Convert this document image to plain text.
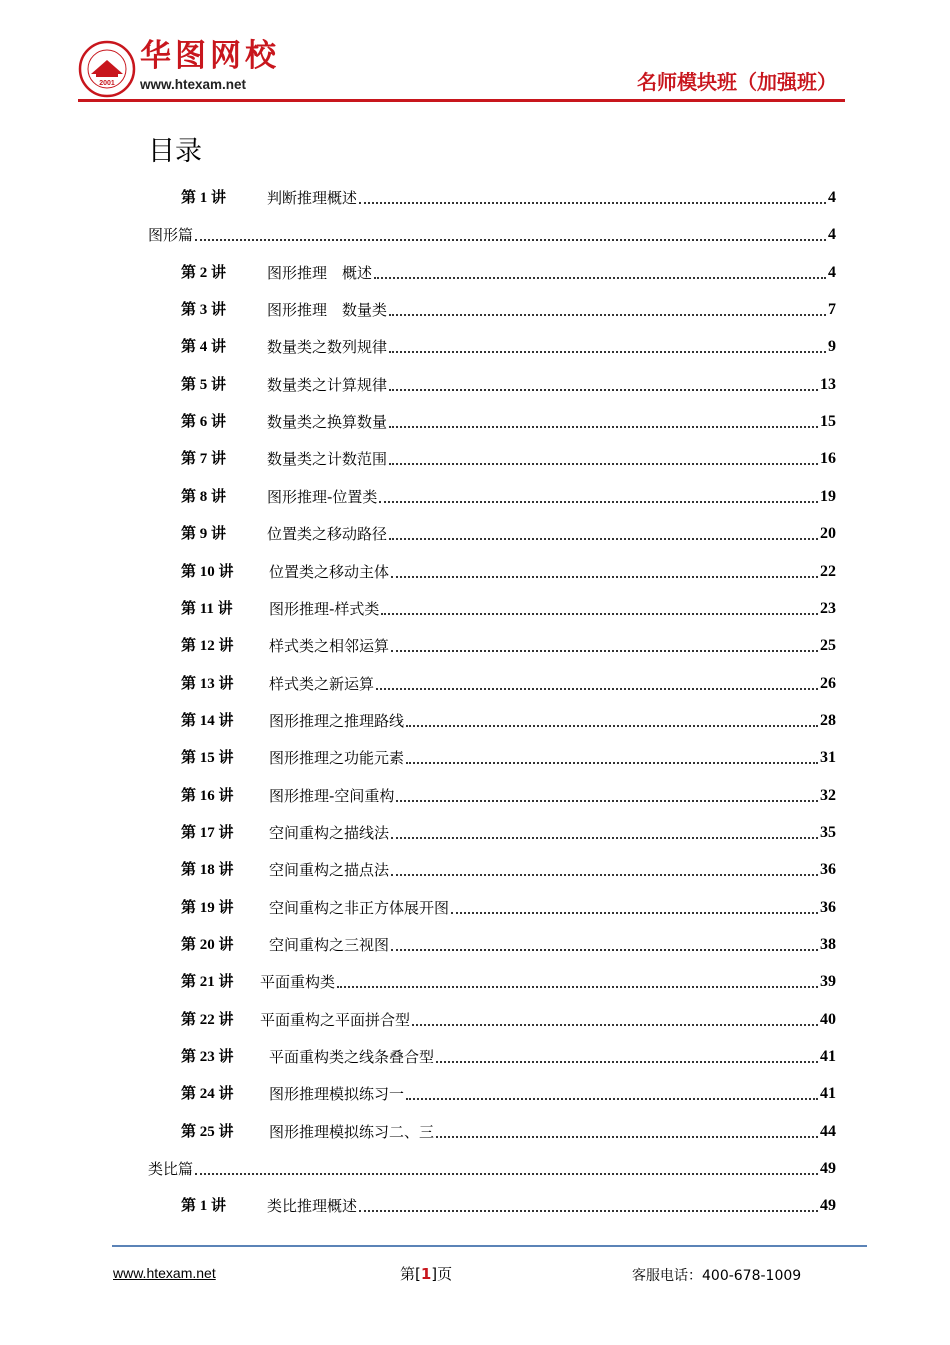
2001
华图网校
www.htexam.net	名师模块班（加强班）
目录
第 1 讲	判断推理概述	4
图形篇	4
第 2 讲	图形推理　概述	4
第 3 讲	图形推理　数量类	7
第 4 讲	数量类之数列规律	9
第 5 讲	数量类之计算规律	13
第 6 讲	数量类之换算数量	15
第 7 讲	数量类之计数范围	16
第 8 讲	图形推理-位置类	19
第 9 讲	位置类之移动路径	20
第 10 讲	位置类之移动主体	22
第 11 讲	图形推理-样式类	23
第 12 讲	样式类之相邻运算	25
第 13 讲	样式类之新运算	26
第 14 讲	图形推理之推理路线	28
第 15 讲	图形推理之功能元素	31
第 16 讲	图形推理-空间重构	32
第 17 讲	空间重构之描线法	35
第 18 讲	空间重构之描点法	36
第 19 讲	空间重构之非正方体展开图	36
第 20 讲	空间重构之三视图	38
第 21 讲	平面重构类	39
第 22 讲	平面重构之平面拼合型	40
第 23 讲	平面重构类之线条叠合型	41
第 24 讲	图形推理模拟练习一	41
第 25 讲	图形推理模拟练习二、三	44
类比篇	49
第 1 讲	类比推理概述	49
www.htexam.net	第[1]页	客服电话：400-678-1009
